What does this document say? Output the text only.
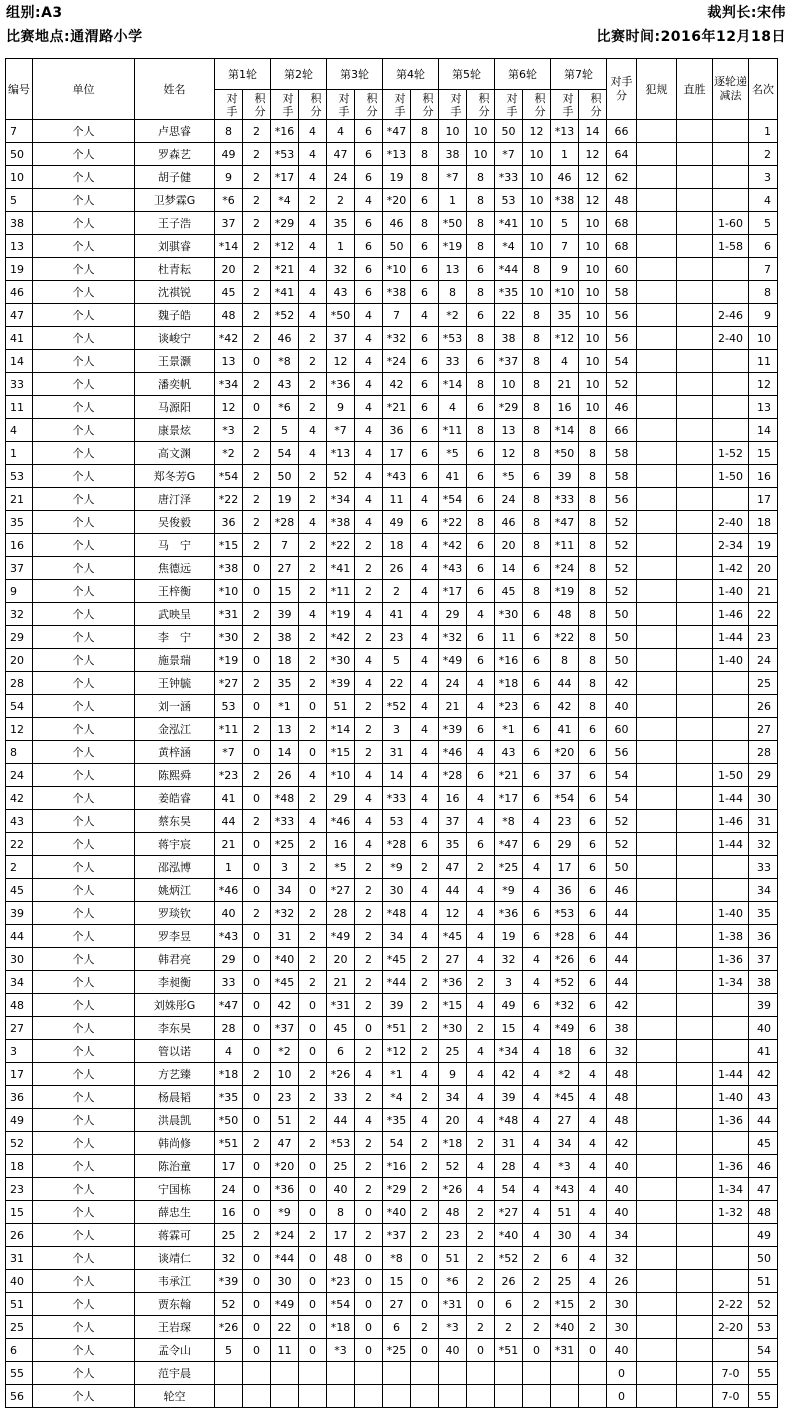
组别:A3
比赛地点:通渭路小学
裁判长:宋伟
比赛时间:2016年12月18日
编号	单位	姓名	第1轮		第2轮		第3轮		第4轮		第5轮		第6轮		第7轮		对手分	犯规	直胜	逐轮递减法	名次
			对手	积分	对手	积分	对手	积分	对手	积分	对手	积分	对手	积分	对手	积分					
7	个人	卢思睿	8	2	*16	4	4	6	*47	8	10	10	50	12	*13	14	66				1
50	个人	罗森艺	49	2	*53	4	47	6	*13	8	38	10	*7	10	1	12	64				2
10	个人	胡子健	9	2	*17	4	24	6	19	8	*7	8	*33	10	46	12	62				3
5	个人	卫梦霖G	*6	2	*4	2	2	4	*20	6	1	8	53	10	*38	12	48				4
38	个人	王子浩	37	2	*29	4	35	6	46	8	*50	8	*41	10	5	10	68			1-60	5
13	个人	刘骐睿	*14	2	*12	4	1	6	50	6	*19	8	*4	10	7	10	68			1-58	6
19	个人	杜青耘	20	2	*21	4	32	6	*10	6	13	6	*44	8	9	10	60				7
46	个人	沈祺锐	45	2	*41	4	43	6	*38	6	8	8	*35	10	*10	10	58				8
47	个人	魏子皓	48	2	*52	4	*50	4	7	4	*2	6	22	8	35	10	56			2-46	9
41	个人	谈峻宁	*42	2	46	2	37	4	*32	6	*53	8	38	8	*12	10	56			2-40	10
14	个人	王景灏	13	0	*8	2	12	4	*24	6	33	6	*37	8	4	10	54				11
33	个人	潘奕帆	*34	2	43	2	*36	4	42	6	*14	8	10	8	21	10	52				12
11	个人	马源阳	12	0	*6	2	9	4	*21	6	4	6	*29	8	16	10	46				13
4	个人	康景炫	*3	2	5	4	*7	4	36	6	*11	8	13	8	*14	8	66				14
1	个人	高文渊	*2	2	54	4	*13	4	17	6	*5	6	12	8	*50	8	58			1-52	15
53	个人	郑冬芳G	*54	2	50	2	52	4	*43	6	41	6	*5	6	39	8	58			1-50	16
21	个人	唐汀泽	*22	2	19	2	*34	4	11	4	*54	6	24	8	*33	8	56				17
35	个人	吴俊毅	36	2	*28	4	*38	4	49	6	*22	8	46	8	*47	8	52			2-40	18
16	个人	马　宁	*15	2	7	2	*22	2	18	4	*42	6	20	8	*11	8	52			2-34	19
37	个人	焦德远	*38	0	27	2	*41	2	26	4	*43	6	14	6	*24	8	52			1-42	20
9	个人	王梓衡	*10	0	15	2	*11	2	2	4	*17	6	45	8	*19	8	52			1-40	21
32	个人	武映呈	*31	2	39	4	*19	4	41	4	29	4	*30	6	48	8	50			1-46	22
29	个人	李　宁	*30	2	38	2	*42	2	23	4	*32	6	11	6	*22	8	50			1-44	23
20	个人	施景瑞	*19	0	18	2	*30	4	5	4	*49	6	*16	6	8	8	50			1-40	24
28	个人	王钟毓	*27	2	35	2	*39	4	22	4	24	4	*18	6	44	8	42				25
54	个人	刘一涵	53	0	*1	0	51	2	*52	4	21	4	*23	6	42	8	40				26
12	个人	金泓江	*11	2	13	2	*14	2	3	4	*39	6	*1	6	41	6	60				27
8	个人	黄梓涵	*7	0	14	0	*15	2	31	4	*46	4	43	6	*20	6	56				28
24	个人	陈熙舜	*23	2	26	4	*10	4	14	4	*28	6	*21	6	37	6	54			1-50	29
42	个人	姜皓睿	41	0	*48	2	29	4	*33	4	16	4	*17	6	*54	6	54			1-44	30
43	个人	蔡东昊	44	2	*33	4	*46	4	53	4	37	4	*8	4	23	6	52			1-46	31
22	个人	蒋宇宸	21	0	*25	2	16	4	*28	6	35	6	*47	6	29	6	52			1-44	32
2	个人	邵泓博	1	0	3	2	*5	2	*9	2	47	2	*25	4	17	6	50				33
45	个人	姚炳江	*46	0	34	0	*27	2	30	4	44	4	*9	4	36	6	46				34
39	个人	罗琰钦	40	2	*32	2	28	2	*48	4	12	4	*36	6	*53	6	44			1-40	35
44	个人	罗李昱	*43	0	31	2	*49	2	34	4	*45	4	19	6	*28	6	44			1-38	36
30	个人	韩君亮	29	0	*40	2	20	2	*45	2	27	4	32	4	*26	6	44			1-36	37
34	个人	李昶衡	33	0	*45	2	21	2	*44	2	*36	2	3	4	*52	6	44			1-34	38
48	个人	刘姝彤G	*47	0	42	0	*31	2	39	2	*15	4	49	6	*32	6	42				39
27	个人	李东昊	28	0	*37	0	45	0	*51	2	*30	2	15	4	*49	6	38				40
3	个人	管以诺	4	0	*2	0	6	2	*12	2	25	4	*34	4	18	6	32				41
17	个人	方艺臻	*18	2	10	2	*26	4	*1	4	9	4	42	4	*2	4	48			1-44	42
36	个人	杨晨韬	*35	0	23	2	33	2	*4	2	34	4	39	4	*45	4	48			1-40	43
49	个人	洪晨凯	*50	0	51	2	44	4	*35	4	20	4	*48	4	27	4	48			1-36	44
52	个人	韩尚修	*51	2	47	2	*53	2	54	2	*18	2	31	4	34	4	42				45
18	个人	陈治童	17	0	*20	0	25	2	*16	2	52	4	28	4	*3	4	40			1-36	46
23	个人	宁国栋	24	0	*36	0	40	2	*29	2	*26	4	54	4	*43	4	40			1-34	47
15	个人	薛忠生	16	0	*9	0	8	0	*40	2	48	2	*27	4	51	4	40			1-32	48
26	个人	蒋霖可	25	2	*24	2	17	2	*37	2	23	2	*40	4	30	4	34				49
31	个人	谈靖仁	32	0	*44	0	48	0	*8	0	51	2	*52	2	6	4	32				50
40	个人	韦承江	*39	0	30	0	*23	0	15	0	*6	2	26	2	25	4	26				51
51	个人	贾东翰	52	0	*49	0	*54	0	27	0	*31	0	6	2	*15	2	30			2-22	52
25	个人	王岩琛	*26	0	22	0	*18	0	6	2	*3	2	2	2	*40	2	30			2-20	53
6	个人	孟令山	5	0	11	0	*3	0	*25	0	40	0	*51	0	*31	0	40				54
55	个人	范宇晨															0			7-0	55
56	个人	轮空															0			7-0	55
